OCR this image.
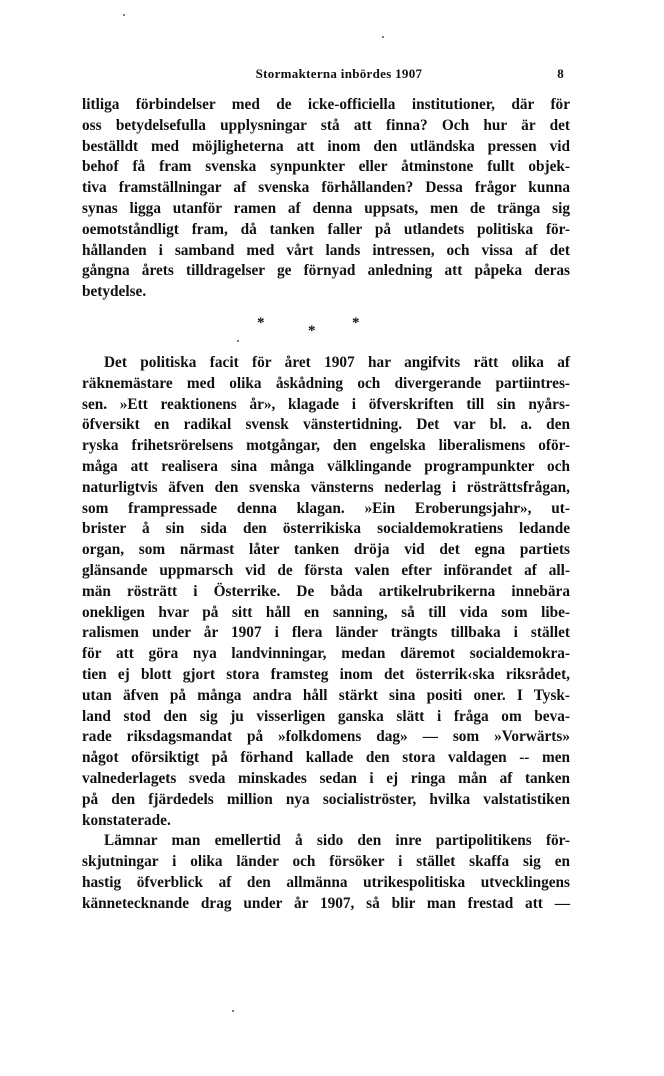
Stormakterna inbördes 1907	8
litliga förbindelser med de icke-officiella institutioner, där för
oss betydelsefulla upplysningar stå att finna? Och hur är det
beställdt med möjligheterna att inom den utländska pressen vid
behof få fram svenska synpunkter eller åtminstone fullt objek-
tiva framställningar af svenska förhållanden? Dessa frågor kunna
synas ligga utanför ramen af denna uppsats, men de tränga sig
oemotståndligt fram, då tanken faller på utlandets politiska för-
hållanden i samband med vårt lands intressen, och vissa af det
gångna årets tilldragelser ge förnyad anledning att påpeka deras
betydelse.
*	* *
Det politiska facit för året 1907 har angifvits rätt olika af
räknemästare med olika åskådning och divergerande partiintres-
sen. »Ett reaktionens år», klagade i öfverskriften till sin nyårs-
öfversikt en radikal svensk vänstertidning. Det var bl. a. den
ryska frihetsrörelsens motgångar, den engelska liberalismens oför-
måga att realisera sina många välklingande programpunkter och
naturligtvis äfven den svenska vänsterns nederlag i rösträttsfrågan,
som frampressade denna klagan. »Ein Eroberungsjahr», ut-
brister å sin sida den österrikiska socialdemokratiens ledande
organ, som närmast låter tanken dröja vid det egna partiets
glänsande uppmarsch vid de första valen efter införandet af all-
män rösträtt i Österrike. De båda artikelrubrikerna innebära
onekligen hvar på sitt håll en sanning, så till vida som libe-
ralismen under år 1907 i flera länder trängts tillbaka i stället
för att göra nya landvinningar, medan däremot socialdemokra-
tien ej blott gjort stora framsteg inom det österrik‹ska riksrådet,
utan äfven på många andra håll stärkt sina positi oner. I Tysk-
land stod den sig ju visserligen ganska slätt i fråga om beva-
rade riksdagsmandat på »folkdomens dag» — som »Vorwärts»
något oförsiktigt på förhand kallade den stora valdagen -- men
valnederlagets sveda minskades sedan i ej ringa mån af tanken
på den fjärdedels million nya socialiströster, hvilka valstatistiken
konstaterade.
Lämnar man emellertid å sido den inre partipolitikens för-
skjutningar i olika länder och försöker i stället skaffa sig en
hastig öfverblick af den allmänna utrikespolitiska utvecklingens
kännetecknande drag under år 1907, så blir man frestad att —
